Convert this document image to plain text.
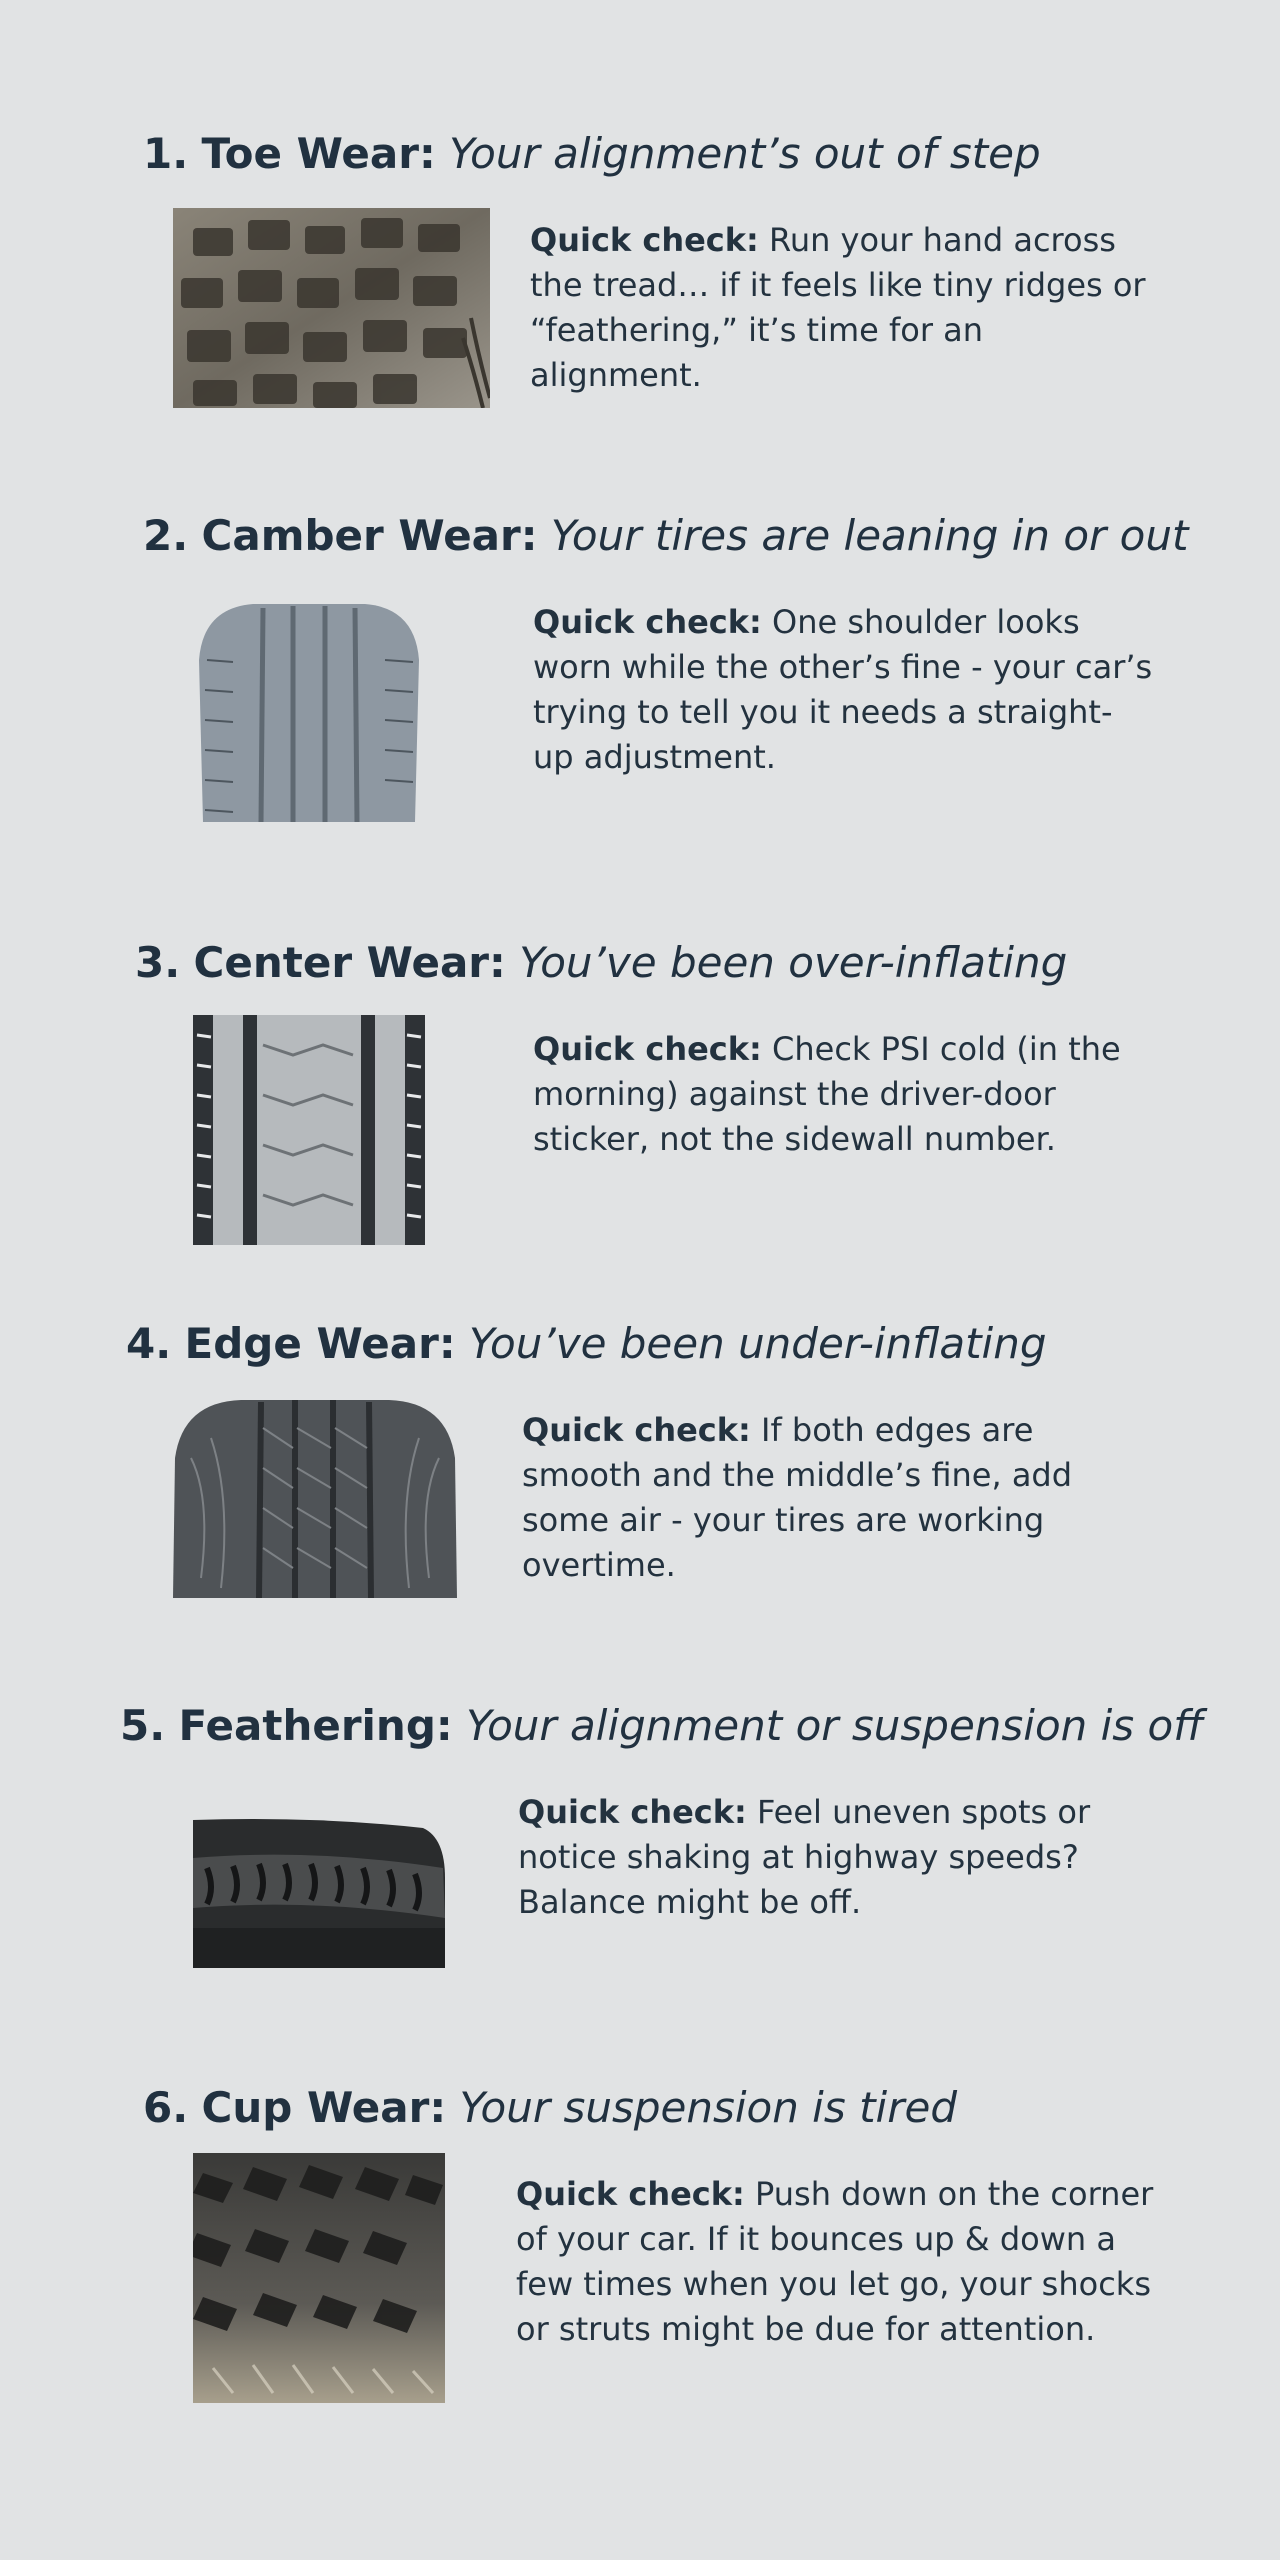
1. Toe Wear: Your alignment’s out of step
Quick check: Run your hand across the tread… if it feels like tiny ridges or “feathering,” it’s time for an alignment.
2. Camber Wear: Your tires are leaning in or out
Quick check: One shoulder looks worn while the other’s fine - your car’s trying to tell you it needs a straight-up adjustment.
3. Center Wear: You’ve been over-inflating
Quick check: Check PSI cold (in the morning) against the driver-door sticker, not the sidewall number.
4. Edge Wear: You’ve been under-inflating
Quick check: If both edges are smooth and the middle’s fine, add some air - your tires are working overtime.
5. Feathering: Your alignment or suspension is off
Quick check: Feel uneven spots or notice shaking at highway speeds? Balance might be off.
6. Cup Wear: Your suspension is tired
Quick check: Push down on the corner of your car. If it bounces up & down a few times when you let go, your shocks or struts might be due for attention.
